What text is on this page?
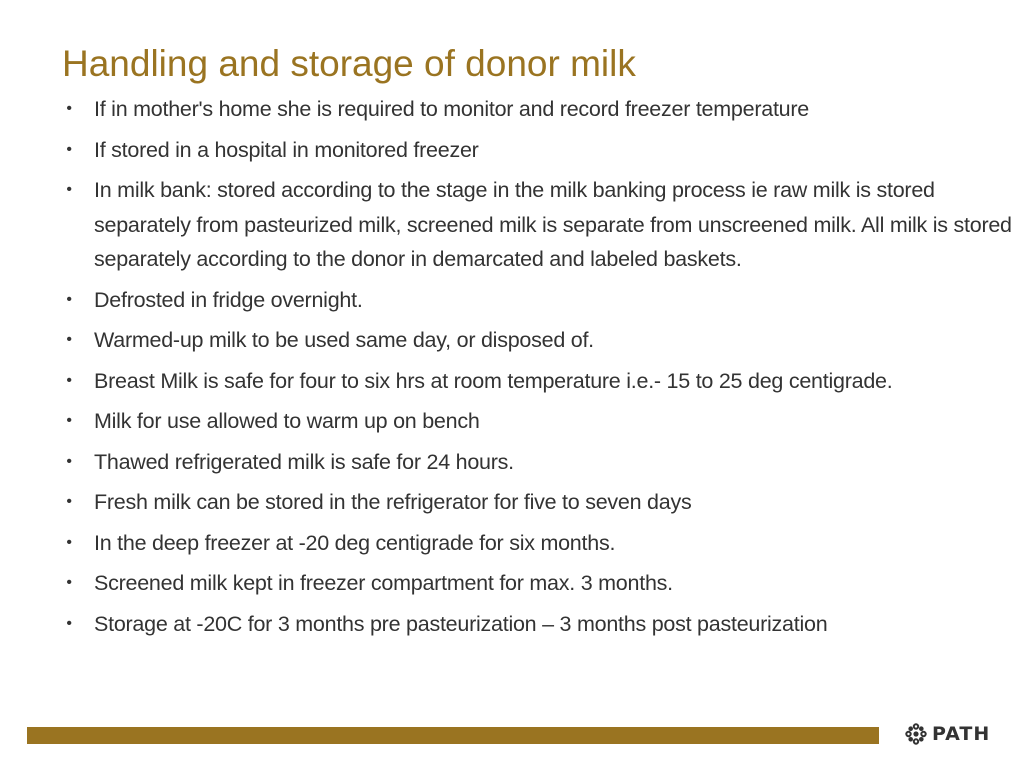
Handling and storage of donor milk
• If in mother's home she is required to monitor and record freezer temperature
• If stored in a hospital in monitored freezer
• In milk bank: stored according to the stage in the milk banking process ie raw milk is stored separately from pasteurized milk, screened milk is separate from unscreened milk. All milk is stored separately according to the donor in demarcated and labeled baskets.
• Defrosted in fridge overnight.
• Warmed-up milk to be used same day, or disposed of.
• Breast Milk is safe for four to six hrs at room temperature i.e.- 15 to 25 deg centigrade.
• Milk for use allowed to warm up on bench
• Thawed refrigerated milk is safe for 24 hours.
• Fresh milk can be stored in the refrigerator for five to seven days
• In the deep freezer at -20 deg centigrade for six months.
• Screened milk kept in freezer compartment for max. 3 months.
• Storage at -20C for 3 months pre pasteurization – 3 months post pasteurization
PATH
